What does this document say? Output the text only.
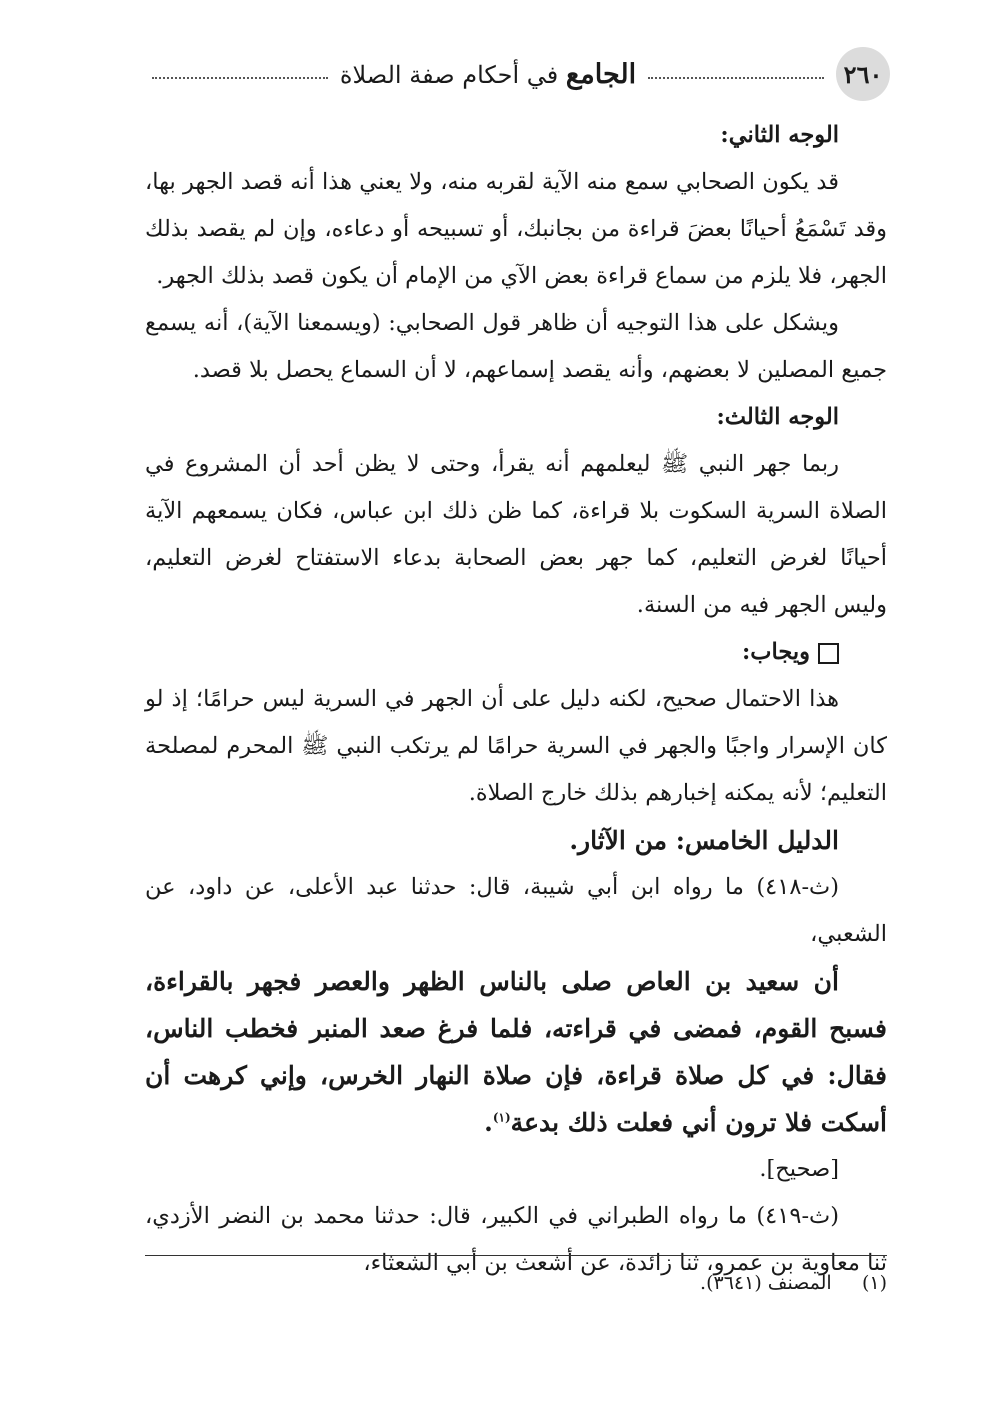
٢٦٠
الجامع في أحكام صفة الصلاة

الوجه الثاني:

قد يكون الصحابي سمع منه الآية لقربه منه، ولا يعني هذا أنه قصد الجهر بها، وقد تَسْمَعُ أحيانًا بعضَ قراءة من بجانبك، أو تسبيحه أو دعاءه، وإن لم يقصد بذلك الجهر، فلا يلزم من سماع قراءة بعض الآي من الإمام أن يكون قصد بذلك الجهر.

ويشكل على هذا التوجيه أن ظاهر قول الصحابي: (ويسمعنا الآية)، أنه يسمع جميع المصلين لا بعضهم، وأنه يقصد إسماعهم، لا أن السماع يحصل بلا قصد.

الوجه الثالث:

ربما جهر النبي ﷺ ليعلمهم أنه يقرأ، وحتى لا يظن أحد أن المشروع في الصلاة السرية السكوت بلا قراءة، كما ظن ذلك ابن عباس، فكان يسمعهم الآية أحيانًا لغرض التعليم، كما جهر بعض الصحابة بدعاء الاستفتاح لغرض التعليم، وليس الجهر فيه من السنة.

ويجاب:

هذا الاحتمال صحيح، لكنه دليل على أن الجهر في السرية ليس حرامًا؛ إذ لو كان الإسرار واجبًا والجهر في السرية حرامًا لم يرتكب النبي ﷺ المحرم لمصلحة التعليم؛ لأنه يمكنه إخبارهم بذلك خارج الصلاة.

الدليل الخامس: من الآثار.

(ث-٤١٨) ما رواه ابن أبي شيبة، قال: حدثنا عبد الأعلى، عن داود، عن الشعبي،

أن سعيد بن العاص صلى بالناس الظهر والعصر فجهر بالقراءة، فسبح القوم، فمضى في قراءته، فلما فرغ صعد المنبر فخطب الناس، فقال: في كل صلاة قراءة، فإن صلاة النهار الخرس، وإني كرهت أن أسكت فلا ترون أني فعلت ذلك بدعة$^{(١)}$.

[صحيح].

(ث-٤١٩) ما رواه الطبراني في الكبير، قال: حدثنا محمد بن النضر الأزدي، ثنا معاوية بن عمرو، ثنا زائدة، عن أشعث بن أبي الشعثاء،

(١)     المصنف (٣٦٤١).
